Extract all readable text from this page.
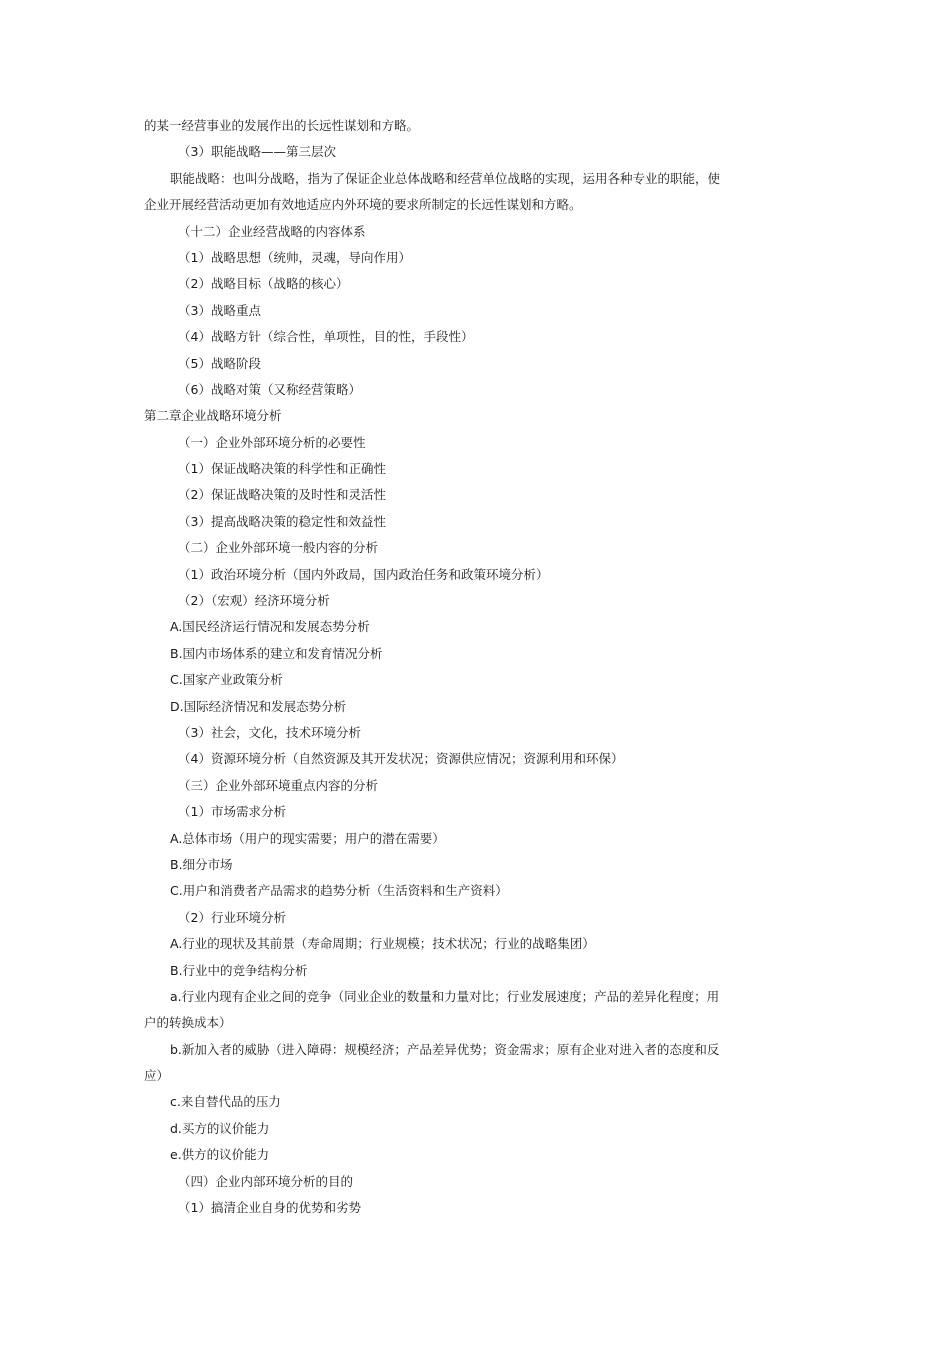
的某一经营事业的发展作出的长远性谋划和方略。
（3）职能战略——第三层次
职能战略：也叫分战略，指为了保证企业总体战略和经营单位战略的实现，运用各种专业的职能，使
企业开展经营活动更加有效地适应内外环境的要求所制定的长远性谋划和方略。
（十二）企业经营战略的内容体系
（1）战略思想（统帅，灵魂，导向作用）
（2）战略目标（战略的核心）
（3）战略重点
（4）战略方针（综合性，单项性，目的性，手段性）
（5）战略阶段
（6）战略对策（又称经营策略）
第二章企业战略环境分析
（一）企业外部环境分析的必要性
（1）保证战略决策的科学性和正确性
（2）保证战略决策的及时性和灵活性
（3）提高战略决策的稳定性和效益性
（二）企业外部环境一般内容的分析
（1）政治环境分析（国内外政局，国内政治任务和政策环境分析）
（2）（宏观）经济环境分析
A.国民经济运行情况和发展态势分析
B.国内市场体系的建立和发育情况分析
C.国家产业政策分析
D.国际经济情况和发展态势分析
（3）社会，文化，技术环境分析
（4）资源环境分析（自然资源及其开发状况；资源供应情况；资源利用和环保）
（三）企业外部环境重点内容的分析
（1）市场需求分析
A.总体市场（用户的现实需要；用户的潜在需要）
B.细分市场
C.用户和消费者产品需求的趋势分析（生活资料和生产资料）
（2）行业环境分析
A.行业的现状及其前景（寿命周期；行业规模；技术状况；行业的战略集团）
B.行业中的竞争结构分析
a.行业内现有企业之间的竞争（同业企业的数量和力量对比；行业发展速度；产品的差异化程度；用
户的转换成本）
b.新加入者的威胁（进入障碍：规模经济；产品差异优势；资金需求；原有企业对进入者的态度和反
应）
c.来自替代品的压力
d.买方的议价能力
e.供方的议价能力
（四）企业内部环境分析的目的
（1）搞清企业自身的优势和劣势
